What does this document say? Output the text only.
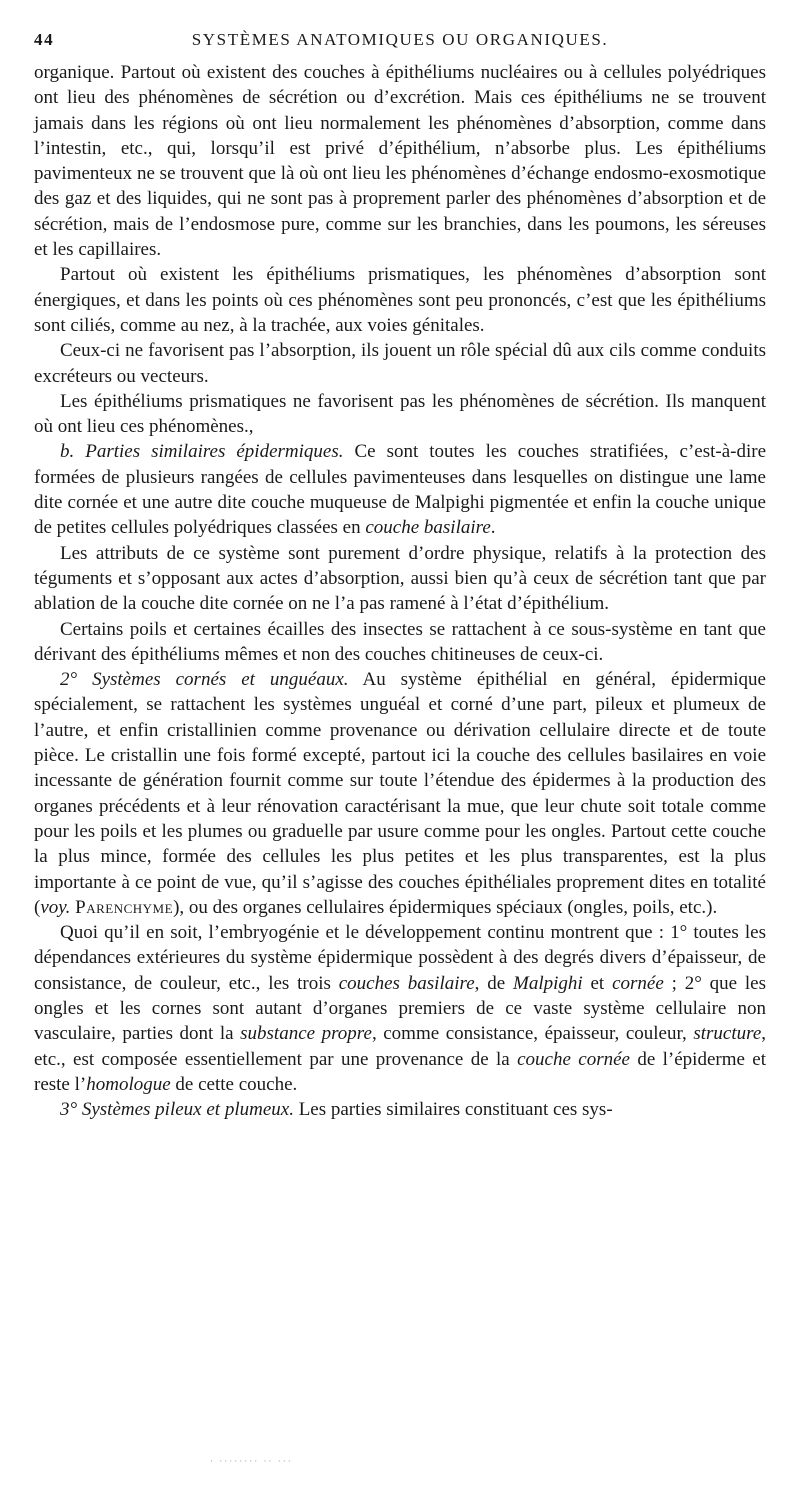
44	SYSTÈMES ANATOMIQUES OU ORGANIQUES.

organique. Partout où existent des couches à épithéliums nucléaires ou à cellules polyédriques ont lieu des phénomènes de sécrétion ou d’excrétion. Mais ces épithéliums ne se trouvent jamais dans les régions où ont lieu normalement les phénomènes d’absorption, comme dans l’intestin, etc., qui, lorsqu’il est privé d’épithélium, n’absorbe plus. Les épithéliums pavimenteux ne se trouvent que là où ont lieu les phénomènes d’échange endosmo-exosmotique des gaz et des liquides, qui ne sont pas à proprement parler des phénomènes d’absorption et de sécrétion, mais de l’endosmose pure, comme sur les branchies, dans les poumons, les séreuses et les capillaires.

Partout où existent les épithéliums prismatiques, les phénomènes d’absorption sont énergiques, et dans les points où ces phénomènes sont peu prononcés, c’est que les épithéliums sont ciliés, comme au nez, à la trachée, aux voies génitales.

Ceux-ci ne favorisent pas l’absorption, ils jouent un rôle spécial dû aux cils comme conduits excréteurs ou vecteurs.

Les épithéliums prismatiques ne favorisent pas les phénomènes de sécrétion. Ils manquent où ont lieu ces phénomènes.,

b. Parties similaires épidermiques. Ce sont toutes les couches stratifiées, c’est-à-dire formées de plusieurs rangées de cellules pavimenteuses dans lesquelles on distingue une lame dite cornée et une autre dite couche muqueuse de Malpighi pigmentée et enfin la couche unique de petites cellules polyédriques classées en couche basilaire.

Les attributs de ce système sont purement d’ordre physique, relatifs à la protection des téguments et s’opposant aux actes d’absorption, aussi bien qu’à ceux de sécrétion tant que par ablation de la couche dite cornée on ne l’a pas ramené à l’état d’épithélium.

Certains poils et certaines écailles des insectes se rattachent à ce sous-système en tant que dérivant des épithéliums mêmes et non des couches chitineuses de ceux-ci.

2° Systèmes cornés et unguéaux. Au système épithélial en général, épidermique spécialement, se rattachent les systèmes unguéal et corné d’une part, pileux et plumeux de l’autre, et enfin cristallinien comme provenance ou dérivation cellulaire directe et de toute pièce. Le cristallin une fois formé excepté, partout ici la couche des cellules basilaires en voie incessante de génération fournit comme sur toute l’étendue des épidermes à la production des organes précédents et à leur rénovation caractérisant la mue, que leur chute soit totale comme pour les poils et les plumes ou graduelle par usure comme pour les ongles. Partout cette couche la plus mince, formée des cellules les plus petites et les plus transparentes, est la plus importante à ce point de vue, qu’il s’agisse des couches épithéliales proprement dites en totalité (voy. Parenchyme), ou des organes cellulaires épidermiques spéciaux (ongles, poils, etc.).

Quoi qu’il en soit, l’embryogénie et le développement continu montrent que : 1° toutes les dépendances extérieures du système épidermique possèdent à des degrés divers d’épaisseur, de consistance, de couleur, etc., les trois couches basilaire, de Malpighi et cornée ; 2° que les ongles et les cornes sont autant d’organes premiers de ce vaste système cellulaire non vasculaire, parties dont la substance propre, comme consistance, épaisseur, couleur, structure, etc., est composée essentiellement par une provenance de la couche cornée de l’épiderme et reste l’homologue de cette couche.

3° Systèmes pileux et plumeux. Les parties similaires constituant ces sys-

· ········ ·· ···
